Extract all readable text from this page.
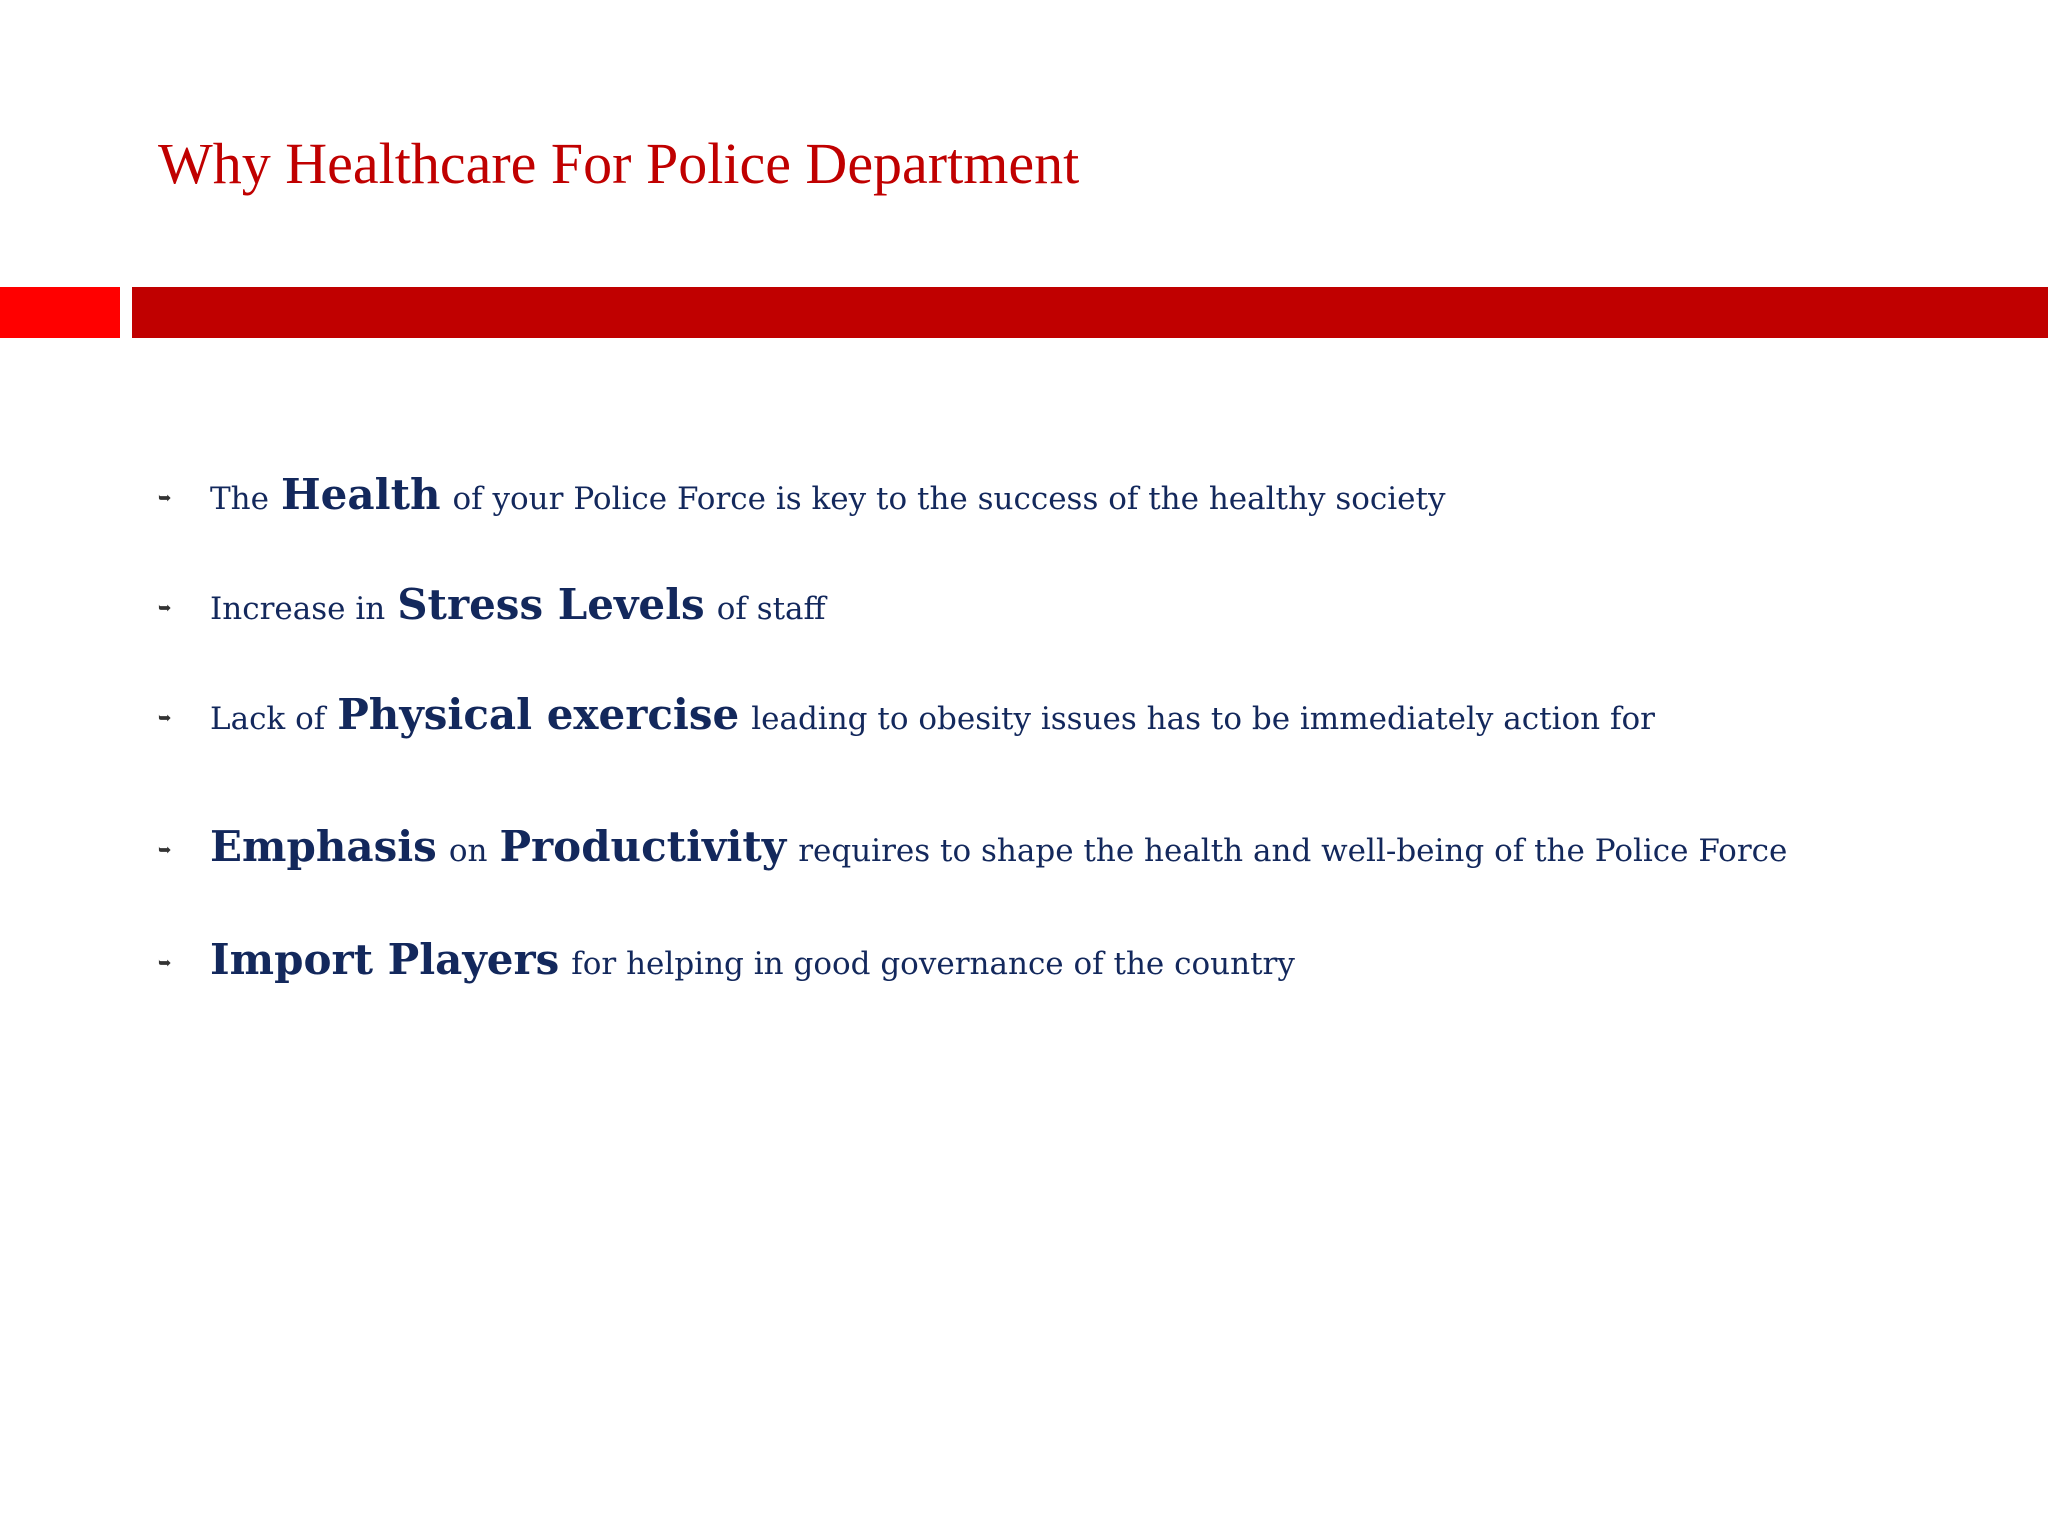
Why Healthcare For Police Department
➥	The Health of your Police Force is key to the success of the healthy society
➥	Increase in Stress Levels of staff
➥	Lack of Physical exercise leading to obesity issues has to be immediately action for
➥ Emphasis on Productivity requires to shape the health and well-being of the Police Force
➥ Import Players for helping in good governance of the country
